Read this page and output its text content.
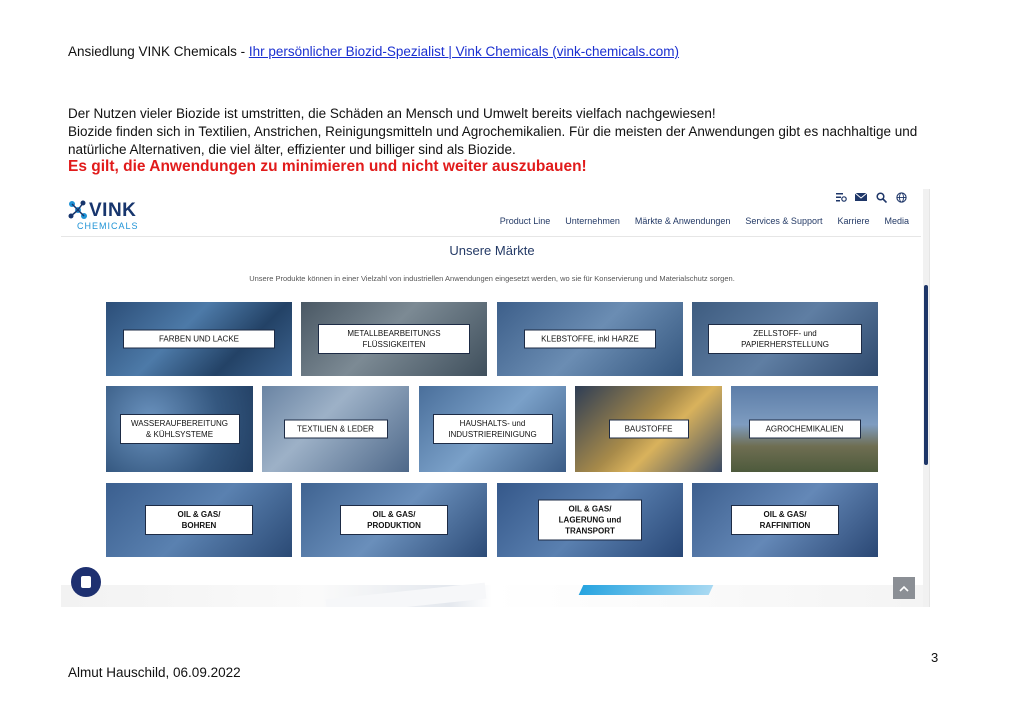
Ansiedlung VINK Chemicals - Ihr persönlicher Biozid-Spezialist | Vink Chemicals (vink-chemicals.com)
Der Nutzen vieler Biozide ist umstritten, die Schäden an Mensch und Umwelt bereits vielfach nachgewiesen!
Biozide finden sich in Textilien, Anstrichen, Reinigungsmitteln und Agrochemikalien. Für die meisten der Anwendungen gibt es nachhaltige und
natürliche Alternativen, die viel älter, effizienter und billiger sind als Biozide.
Es gilt, die Anwendungen zu minimieren und nicht weiter auszubauen!
VINK
CHEMICALS	Product Line Unternehmen Märkte & Anwendungen Services & Support Karriere Media
Unsere Märkte
Unsere Produkte können in einer Vielzahl von industriellen Anwendungen eingesetzt werden, wo sie für Konservierung und Materialschutz sorgen.
FARBEN UND LACKE
METALLBEARBEITUNGS
FLÜSSIGKEITEN
KLEBSTOFFE, inkl HARZE
ZELLSTOFF- und
PAPIERHERSTELLUNG
WASSERAUFBEREITUNG
& KÜHLSYSTEME
TEXTILIEN & LEDER
HAUSHALTS- und
INDUSTRIEREINIGUNG
BAUSTOFFE	AGROCHEMIKALIEN
OIL & GAS/
BOHREN
OIL & GAS/
PRODUKTION
OIL & GAS/
LAGERUNG und
TRANSPORT
OIL & GAS/
RAFFINITION
3
Almut Hauschild, 06.09.2022
